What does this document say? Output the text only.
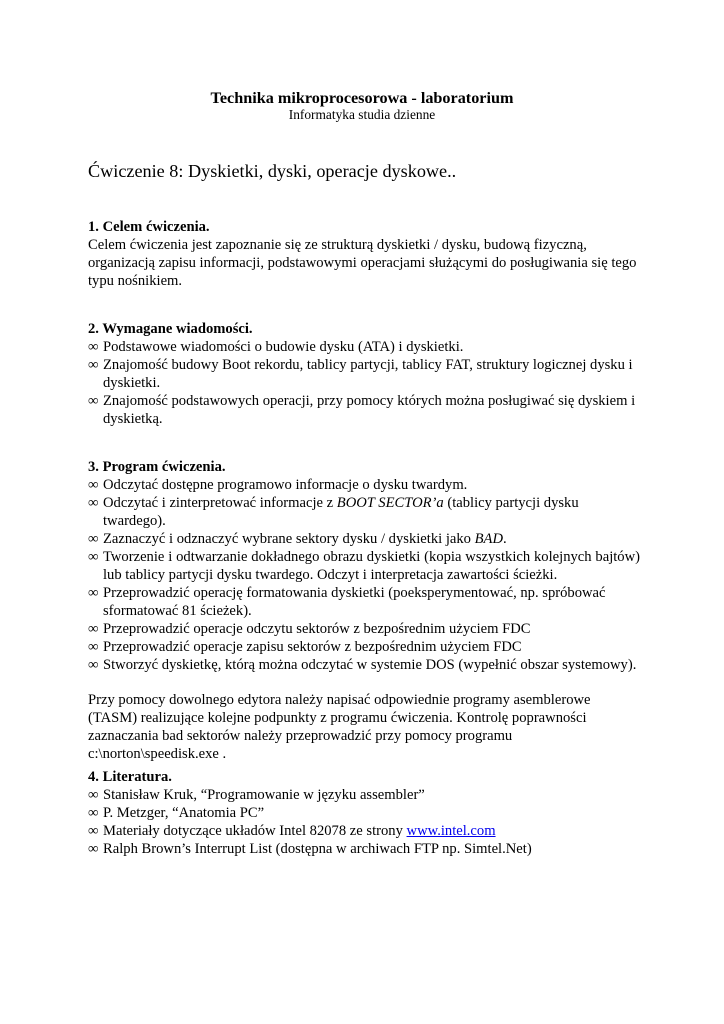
Technika mikroprocesorowa - laboratorium
Informatyka studia dzienne
Ćwiczenie 8: Dyskietki, dyski, operacje dyskowe..
1. Celem ćwiczenia.

Celem ćwiczenia jest zapoznanie się ze strukturą dyskietki / dysku, budową fizyczną, organizacją zapisu informacji, podstawowymi operacjami służącymi do posługiwania się tego typu nośnikiem.

2. Wymagane wiadomości.
∞ Podstawowe wiadomości o budowie dysku (ATA) i dyskietki.
∞ Znajomość budowy Boot rekordu, tablicy partycji, tablicy FAT, struktury logicznej dysku i dyskietki.
∞ Znajomość podstawowych operacji, przy pomocy których można posługiwać się dyskiem i dyskietką.
3. Program ćwiczenia.
∞ Odczytać dostępne programowo informacje o dysku twardym.
∞ Odczytać i zinterpretować informacje z BOOT SECTOR’a (tablicy partycji dysku twardego).
∞ Zaznaczyć i odznaczyć wybrane sektory dysku / dyskietki jako BAD.
∞ Tworzenie i odtwarzanie dokładnego obrazu dyskietki (kopia wszystkich kolejnych bajtów) lub tablicy partycji dysku twardego. Odczyt i interpretacja zawartości ścieżki.
∞ Przeprowadzić operację formatowania dyskietki (poeksperymentować, np. spróbować sformatować 81 ścieżek).
∞ Przeprowadzić operacje odczytu sektorów z bezpośrednim użyciem FDC
∞ Przeprowadzić operacje zapisu sektorów z bezpośrednim użyciem FDC
∞ Stworzyć dyskietkę, którą można odczytać w systemie DOS (wypełnić obszar systemowy).

Przy pomocy dowolnego edytora należy napisać odpowiednie programy asemblerowe (TASM) realizujące kolejne podpunkty z programu ćwiczenia. Kontrolę poprawności zaznaczania bad sektorów należy przeprowadzić przy pomocy programu c:\norton\speedisk.exe .

4. Literatura.
∞ Stanisław Kruk, “Programowanie w języku assembler”
∞ P. Metzger, “Anatomia PC”
∞ Materiały dotyczące układów Intel 82078 ze strony www.intel.com
∞ Ralph Brown’s Interrupt List (dostępna w archiwach FTP np. Simtel.Net)
